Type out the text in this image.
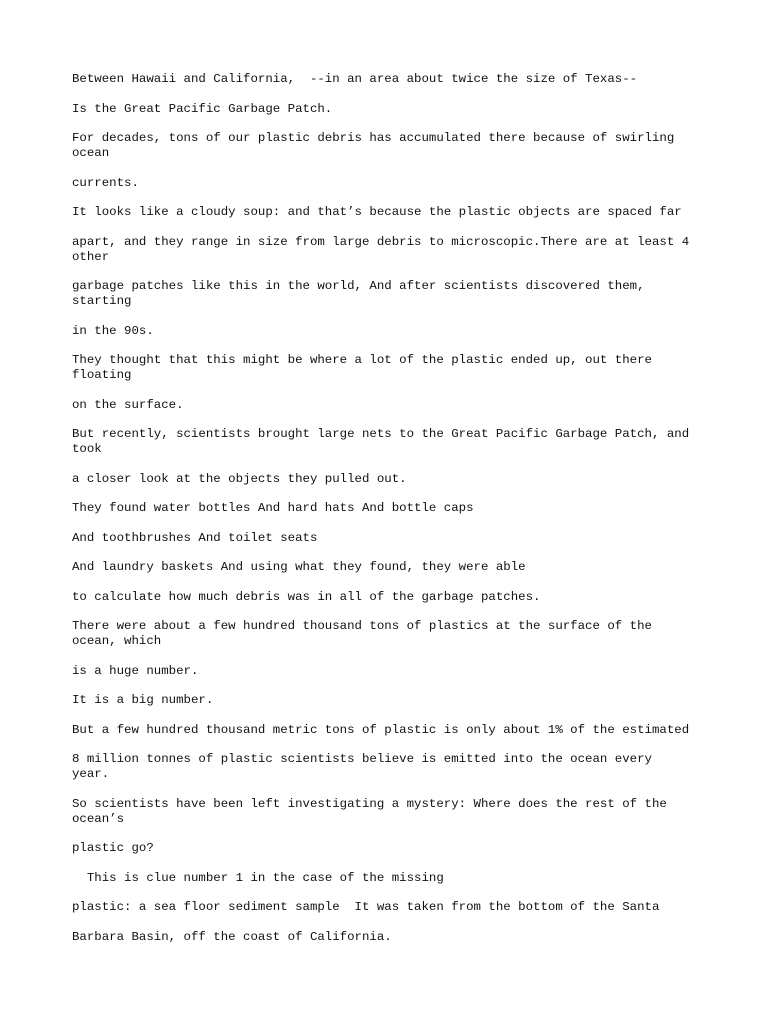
Between Hawaii and California,  --in an area about twice the size of Texas--

Is the Great Pacific Garbage Patch.

For decades, tons of our plastic debris has accumulated there because of swirling ocean

currents.

It looks like a cloudy soup: and that’s because the plastic objects are spaced far

apart, and they range in size from large debris to microscopic.There are at least 4 other

garbage patches like this in the world, And after scientists discovered them, starting

in the 90s.

They thought that this might be where a lot of the plastic ended up, out there floating

on the surface.

But recently, scientists brought large nets to the Great Pacific Garbage Patch, and took

a closer look at the objects they pulled out.

They found water bottles And hard hats And bottle caps

And toothbrushes And toilet seats

And laundry baskets And using what they found, they were able

to calculate how much debris was in all of the garbage patches.

There were about a few hundred thousand tons of plastics at the surface of the ocean, which

is a huge number.

It is a big number.

But a few hundred thousand metric tons of plastic is only about 1% of the estimated

8 million tonnes of plastic scientists believe is emitted into the ocean every year.

So scientists have been left investigating a mystery: Where does the rest of the ocean’s

plastic go?

This is clue number 1 in the case of the missing

plastic: a sea floor sediment sample  It was taken from the bottom of the Santa

Barbara Basin, off the coast of California.
